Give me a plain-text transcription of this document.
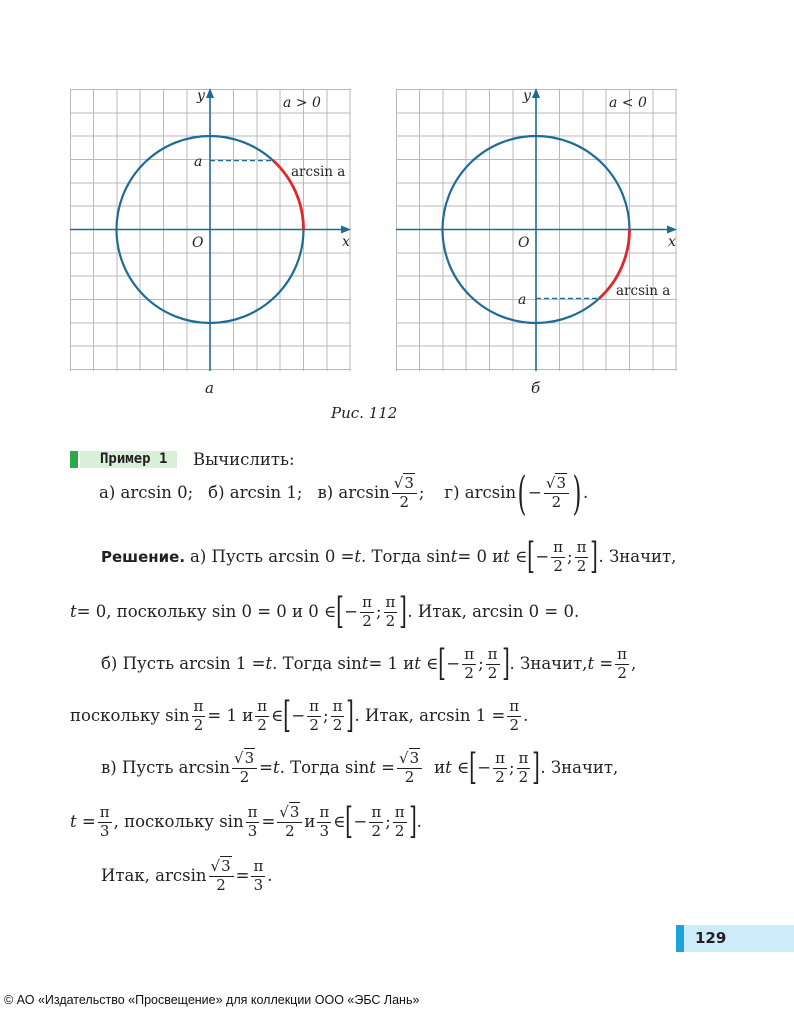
y
x
O
a
arcsin a
a > 0	y
x
O
a
arcsin a
a < 0
а	б
Рис. 112
Пример 1	Вычислить:
а) arcsin 0; б) arcsin 1; в) $\arcsin \frac{√3}{2}$ ; г) arcsin ( − $\frac{√3}{2}$ ) .
Решение. а) Пусть arcsin 0 = t . Тогда sin t = 0 и t ∈ [ − $\frac{\pi}{2}$ ; $\frac{\pi}{2}$ ] . Значит,
t = 0, поскольку sin 0 = 0 и 0 ∈ [ − $\frac{\pi}{2}$ ; $\frac{\pi}{2}$ ] . Итак, arcsin 0 = 0.
б) Пусть arcsin 1 = t . Тогда sin t = 1 и t ∈ [ − $\frac{\pi}{2}$ ; $\frac{\pi}{2}$ ] . Значит, $t = \frac{\pi}{2}$ ,
поскольку $\sin \frac{\pi}{2} = 1$ и $\frac{\pi}{2}$ ∈ [ − $\frac{\pi}{2}$ ; $\frac{\pi}{2}$ ] . Итак, $\arcsin 1 = \frac{\pi}{2}$ .
в) Пусть $\arcsin \frac{√3}{2} = t$ . Тогда $\sin t = \frac{√3}{2}$ и t ∈ [ − $\frac{\pi}{2}$ ; $\frac{\pi}{2}$ ] . Значит,
$t = \frac{\pi}{3}$ , поскольку $\sin \frac{\pi}{3} = \frac{√3}{2}$ и $\frac{\pi}{3}$ ∈ [ − $\frac{\pi}{2}$ ; $\frac{\pi}{2}$ ] .
Итак, $\arcsin \frac{√3}{2} = \frac{\pi}{3}$ .
129
© АО «Издательство «Просвещение» для коллекции ООО «ЭБС Лань»
